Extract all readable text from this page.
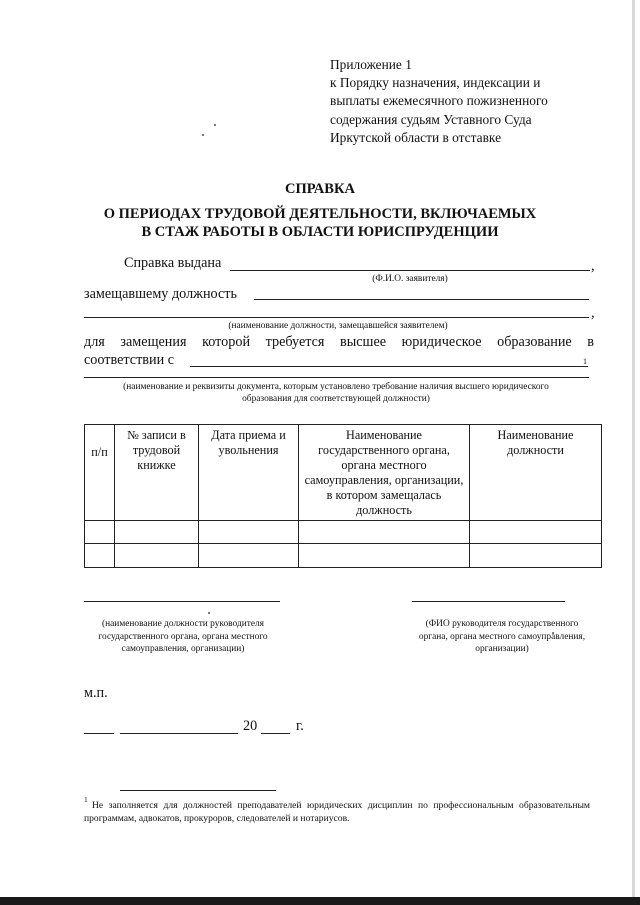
Приложение 1
к Порядку назначения, индексации и
выплаты ежемесячного пожизненного
содержания судьям Уставного Суда
Иркутской области в отставке
СПРАВКА
О ПЕРИОДАХ ТРУДОВОЙ ДЕЯТЕЛЬНОСТИ, ВКЛЮЧАЕМЫХ
В СТАЖ РАБОТЫ В ОБЛАСТИ ЮРИСПРУДЕНЦИИ
Справка выдана	,
(Ф.И.О. заявителя)
замещавшему должность
,
(наименование должности, замещавшейся заявителем)
для замещения которой требуется высшее юридическое образование в
соответствии с	1
(наименование и реквизиты документа, которым установлено требование наличия высшего юридического
образования для соответствующей должности)
п/п	№ записи в трудовой книжке	Дата приема и увольнения	Наименование государственного органа, органа местного самоуправления, организации, в котором замещалась должность	Наименование должности

(наименование должности руководителя государственного органа, органа местного самоуправления, организации)
(ФИО руководителя государственного органа, органа местного самоуправления, организации)
м.п.
20	г.
1
Не заполняется для должностей преподавателей юридических дисциплин по профессиональным образовательным программам, адвокатов, прокуроров, следователей и нотариусов.
